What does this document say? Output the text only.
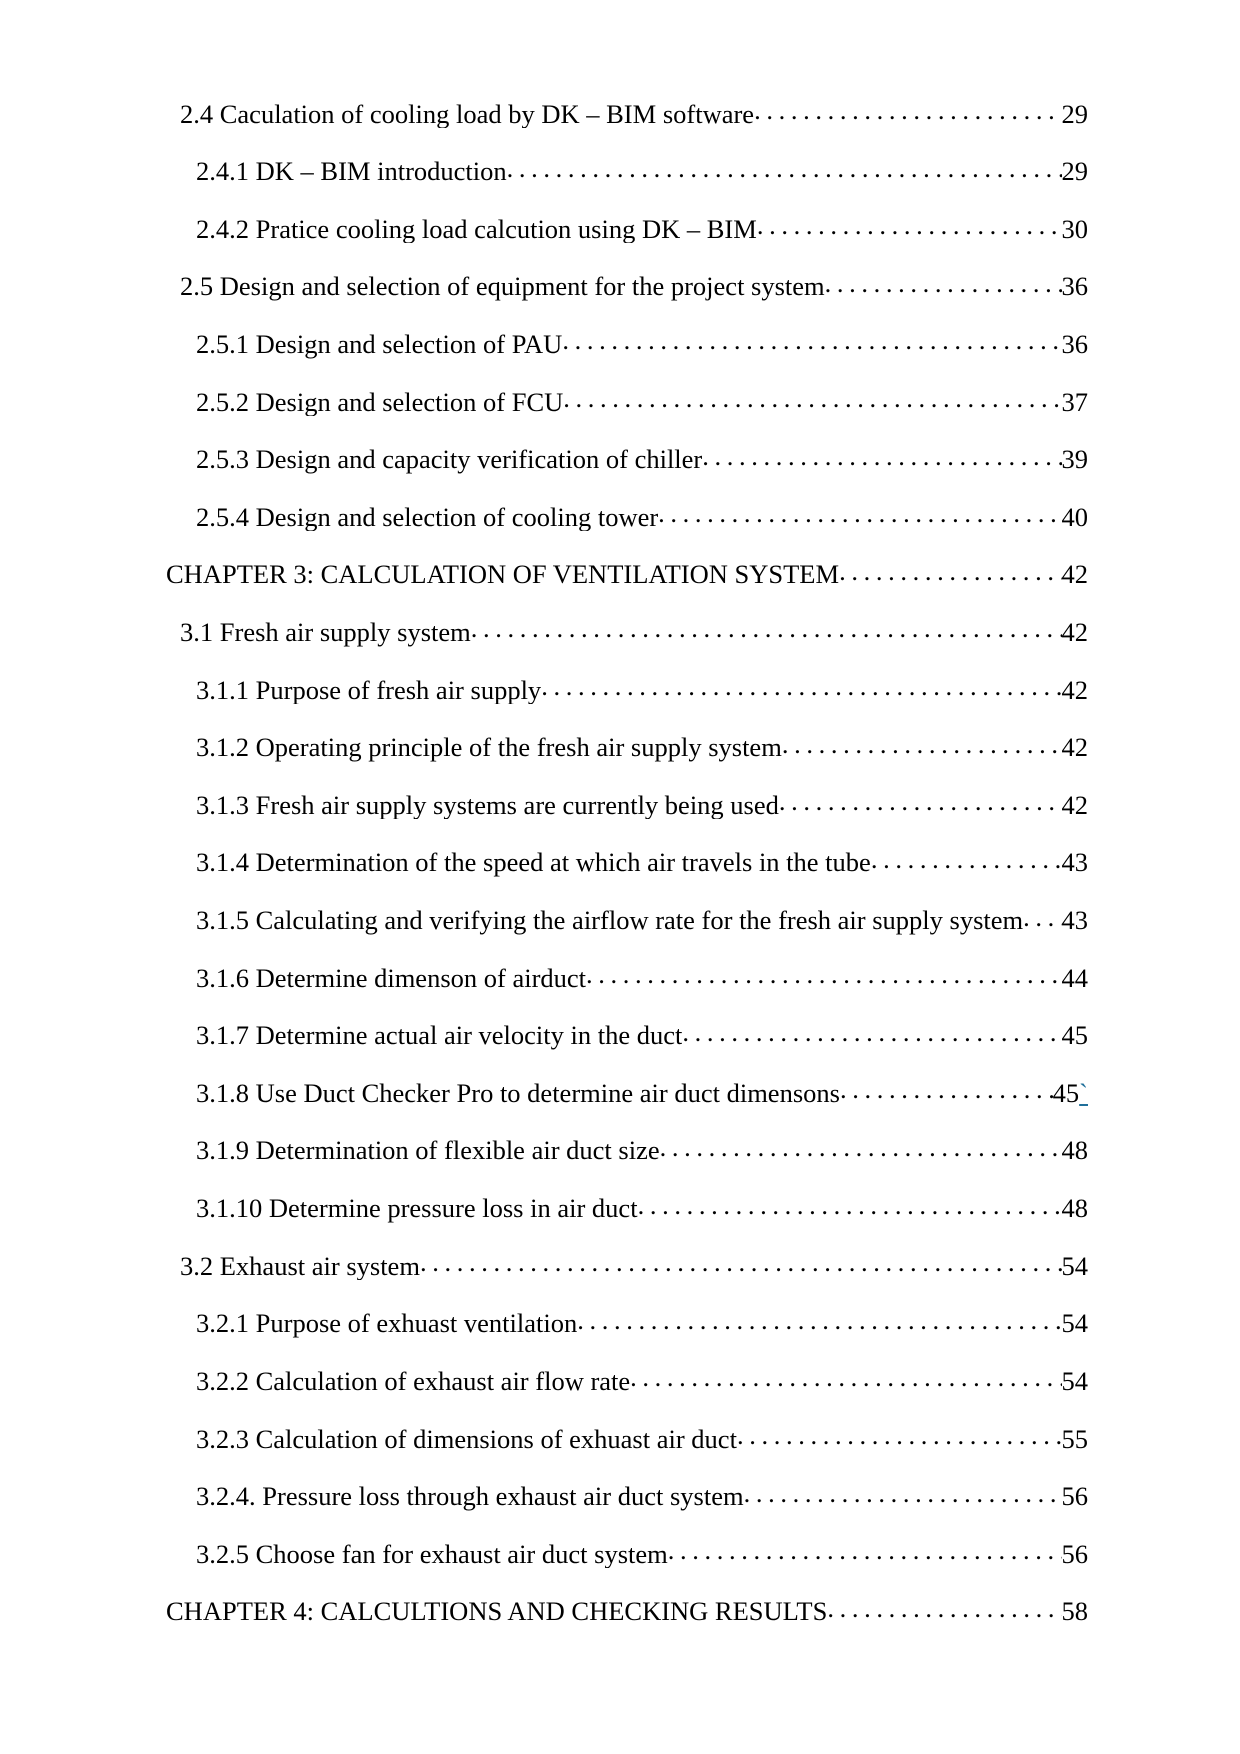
2.4 Caculation of cooling load by DK – BIM software . . .	29
2.4.1 DK – BIM introduction . . .	29
2.4.2 Pratice cooling load calcution using DK – BIM . . .	30
2.5 Design and selection of equipment for the project system . . .	36
2.5.1 Design and selection of PAU . . .	36
2.5.2 Design and selection of FCU . . .	37
2.5.3 Design and capacity verification of chiller . . .	39
2.5.4 Design and selection of cooling tower . . .	40
CHAPTER 3: CALCULATION OF VENTILATION SYSTEM . . .	42
3.1 Fresh air supply system . . .	42
3.1.1 Purpose of fresh air supply . . .	42
3.1.2 Operating principle of the fresh air supply system . . .	42
3.1.3 Fresh air supply systems are currently being used . . .	42
3.1.4 Determination of the speed at which air travels in the tube . . .	43
3.1.5 Calculating and verifying the airflow rate for the fresh air supply system . . . 43
3.1.6 Determine dimenson of airduct . . .	44
3.1.7 Determine actual air velocity in the duct . . .	45
3.1.8 Use Duct Checker Pro to determine air duct dimensons . . .	45 `
3.1.9 Determination of flexible air duct size . . .	48
3.1.10 Determine pressure loss in air duct . . .	48
3.2 Exhaust air system . . .	54
3.2.1 Purpose of exhuast ventilation . . .	54
3.2.2 Calculation of exhaust air flow rate . . .	54
3.2.3 Calculation of dimensions of exhuast air duct . . .	55
3.2.4. Pressure loss through exhaust air duct system . . .	56
3.2.5 Choose fan for exhaust air duct system . . .	56
CHAPTER 4: CALCULTIONS AND CHECKING RESULTS . . .	58
